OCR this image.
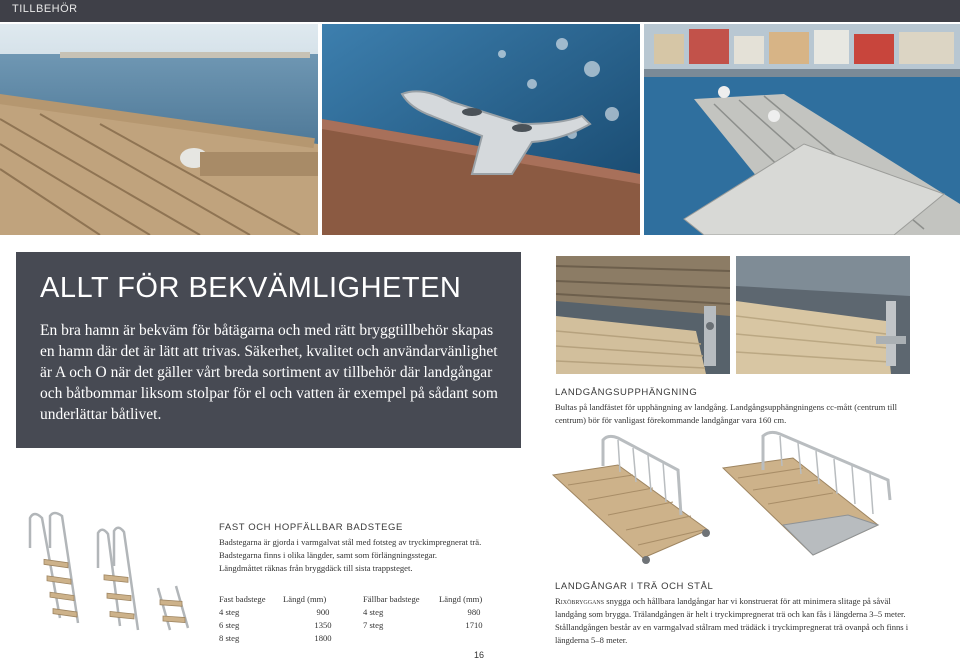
TILLBEHÖR
ALLT FÖR BEKVÄMLIGHETEN
En bra hamn är bekväm för båtägarna och med rätt bryggtillbehör skapas en hamn där det är lätt att trivas. Säkerhet, kvalitet och användarvänlighet är A och O när det gäller vårt breda sortiment av tillbehör där landgångar och båtbommar liksom stolpar för el och vatten är exempel på sådant som underlättar båtlivet.
LANDGÅNGSUPPHÄNGNING
Bultas på landfästet för upphängning av landgång. Landgångsupphängningens cc-mått (centrum till centrum) bör för vanligast förekommande landgångar vara 160 cm.
FAST OCH HOPFÄLLBAR BADSTEGE
Badstegarna är gjorda i varmgalvat stål med fotsteg av tryckimpregnerat trä.
Badstegarna finns i olika längder, samt som förlängningsstegar.
Längdmåttet räknas från bryggdäck till sista trappsteget.
Fast badstege	Längd (mm)	Fällbar badstege	Längd (mm)
4 steg	900	4 steg	980
6 steg	1350	7 steg	1710
8 steg	1800		
LANDGÅNGAR I TRÄ OCH STÅL
Rixöbryggans snygga och hållbara landgångar har vi konstruerat för att minimera slitage på såväl landgång som brygga. Trälandgången är helt i tryckimpregnerat trä och kan fås i längderna 3–5 meter. Stållandgången består av en varmgalvad stålram med trädäck i tryckimpregnerat trä ovanpå och finns i längderna 5–8 meter.
16
